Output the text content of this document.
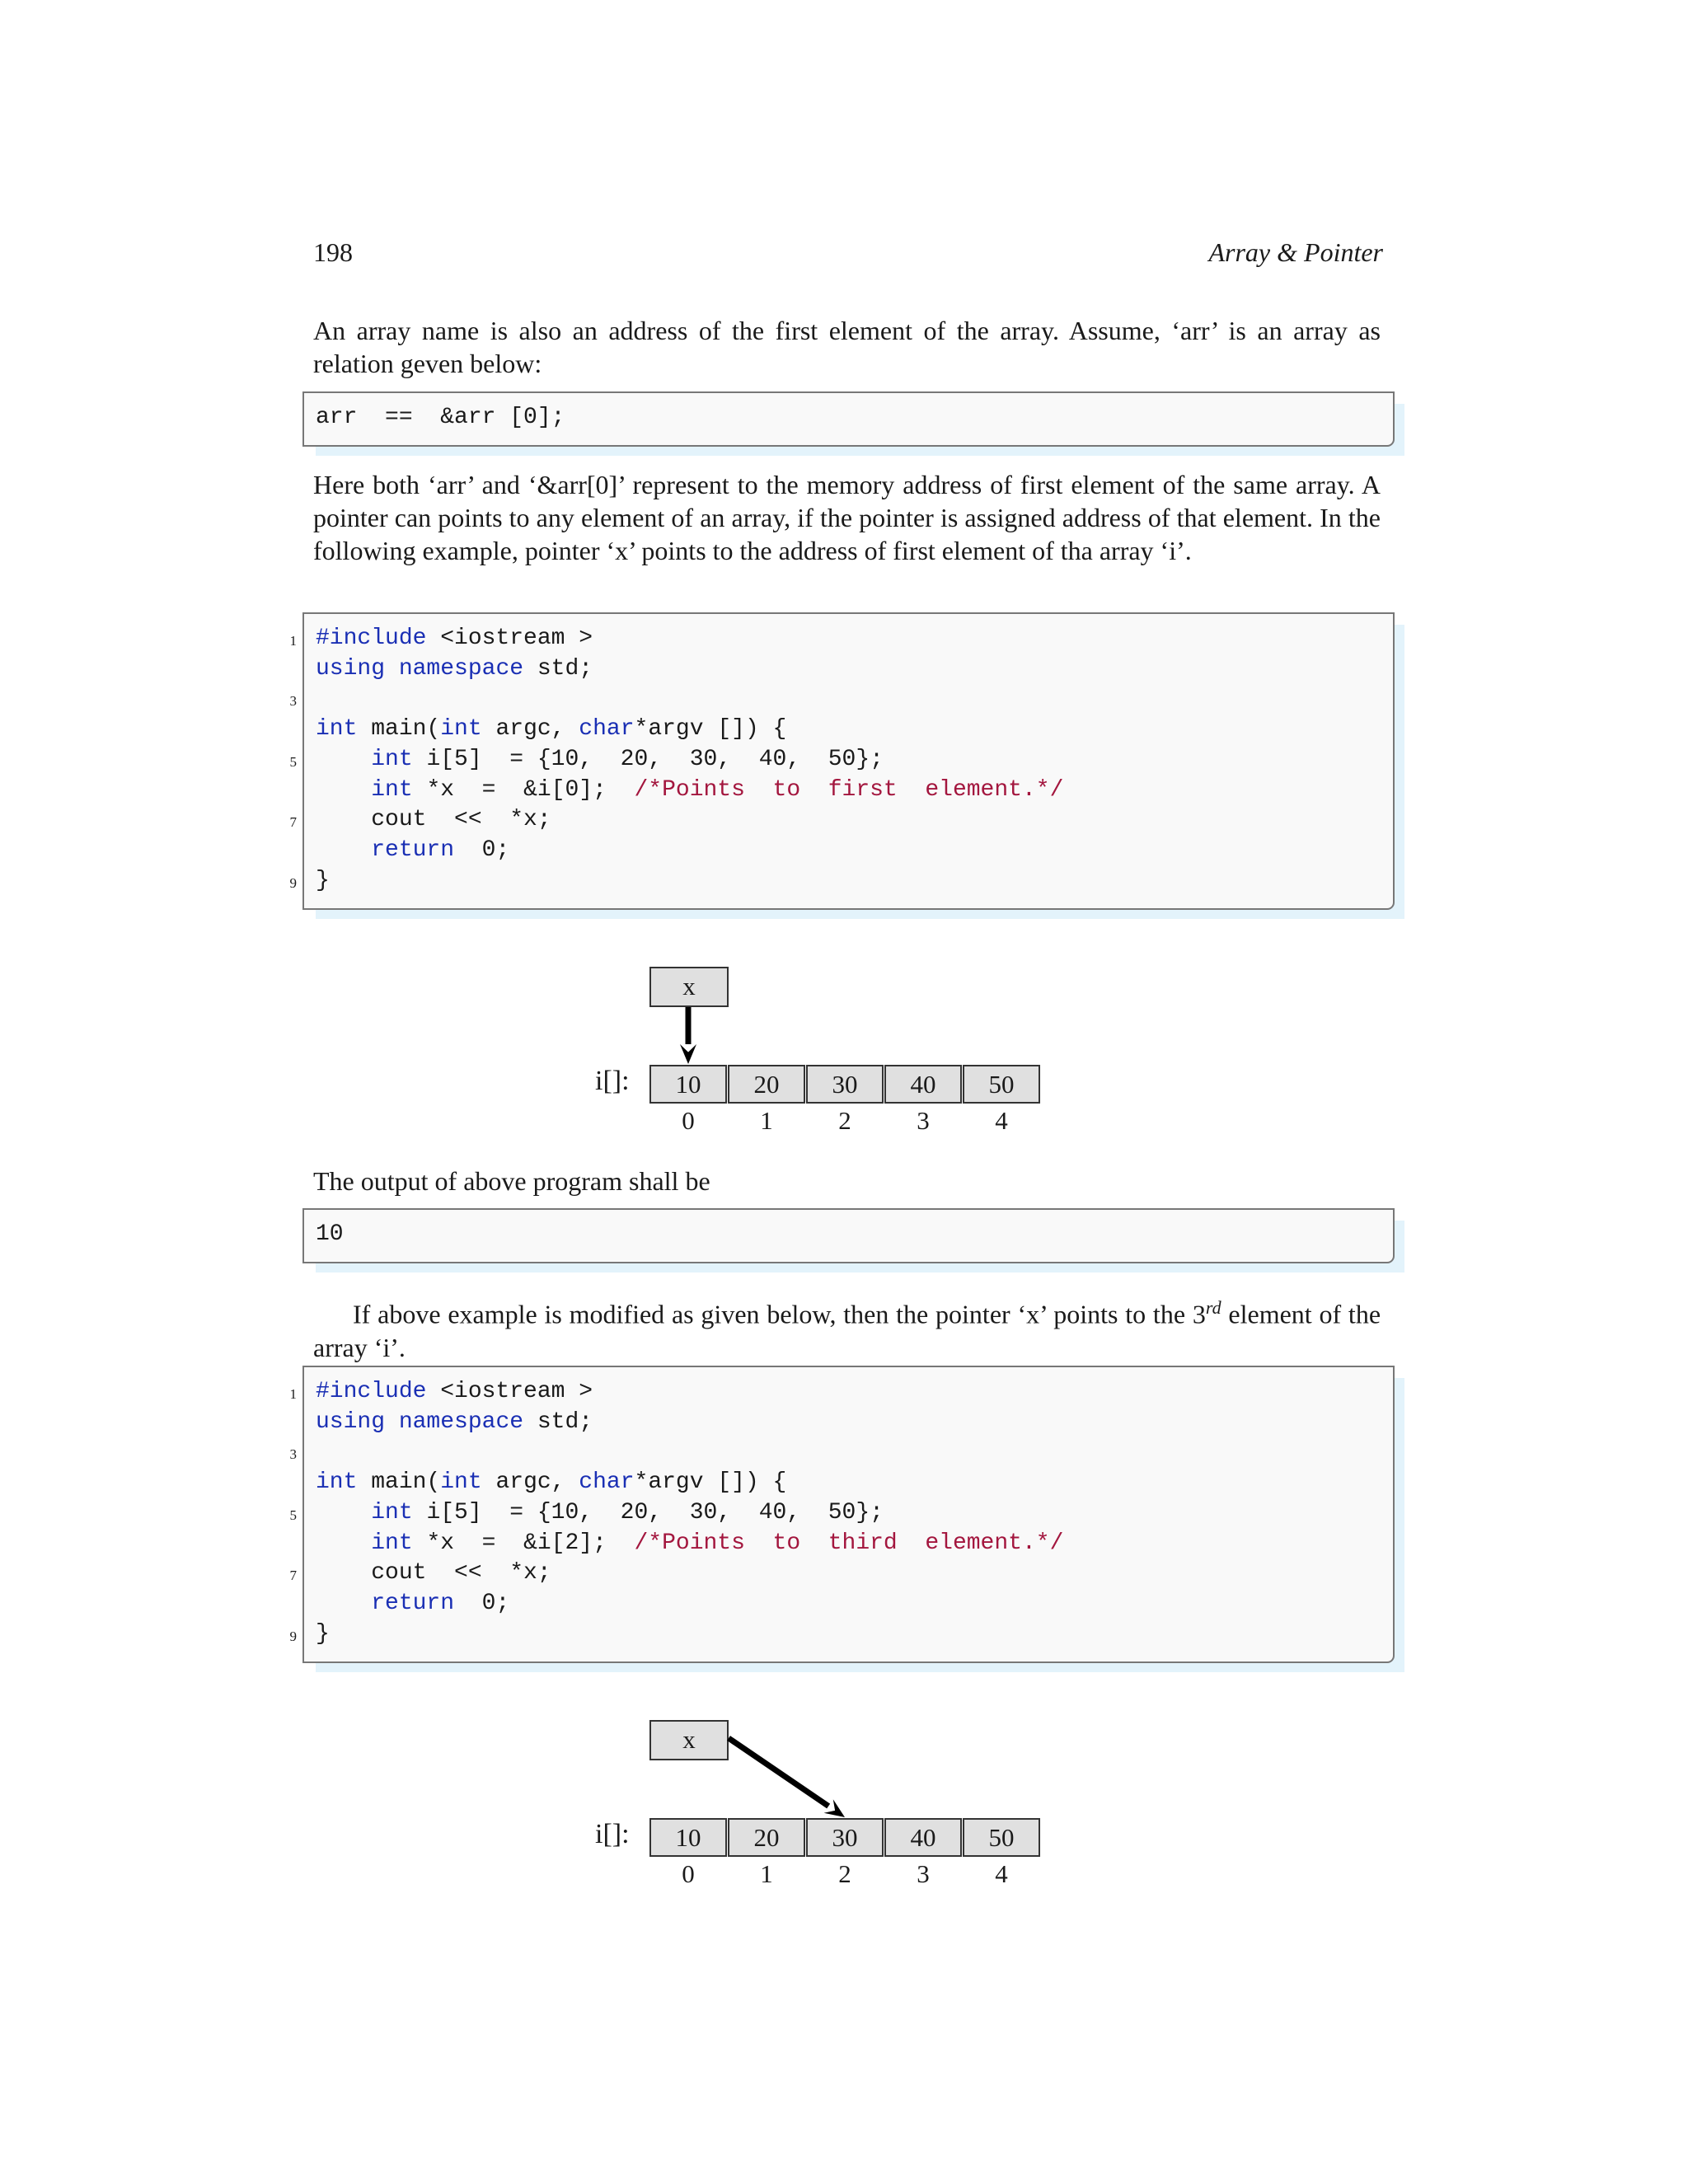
198	Array & Pointer
An array name is also an address of the first element of the array. Assume, ‘arr’ is an array as relation geven below:
arr  ==  &arr [0];
Here both ‘arr’ and ‘&arr[0]’ represent to the memory address of first element of the same array. A pointer can points to any element of an array, if the pointer is assigned address of that element. In the following example, pointer ‘x’ points to the address of first element of tha array ‘i’.
#include <iostream >
using namespace std;
int main(int argc, char*argv []) {
int i[5]  = {10,  20,  30,  40,  50};
int *x  =  &i[0];  /*Points  to  first  element.*/
cout  <<  *x;
return  0;
}
1
3
5
7
9
i[]:	10	20	30	40	50
0	1	2	3	4
x
The output of above program shall be
10
If above example is modified as given below, then the pointer ‘x’ points to the 3rd element of the array ‘i’.
#include <iostream >
using namespace std;
int main(int argc, char*argv []) {
int i[5]  = {10,  20,  30,  40,  50};
int *x  =  &i[2];  /*Points  to  third  element.*/
cout  <<  *x;
return  0;
}
1
3
5
7
9
i[]:	10	20	30	40	50
0	1	2	3	4
x
